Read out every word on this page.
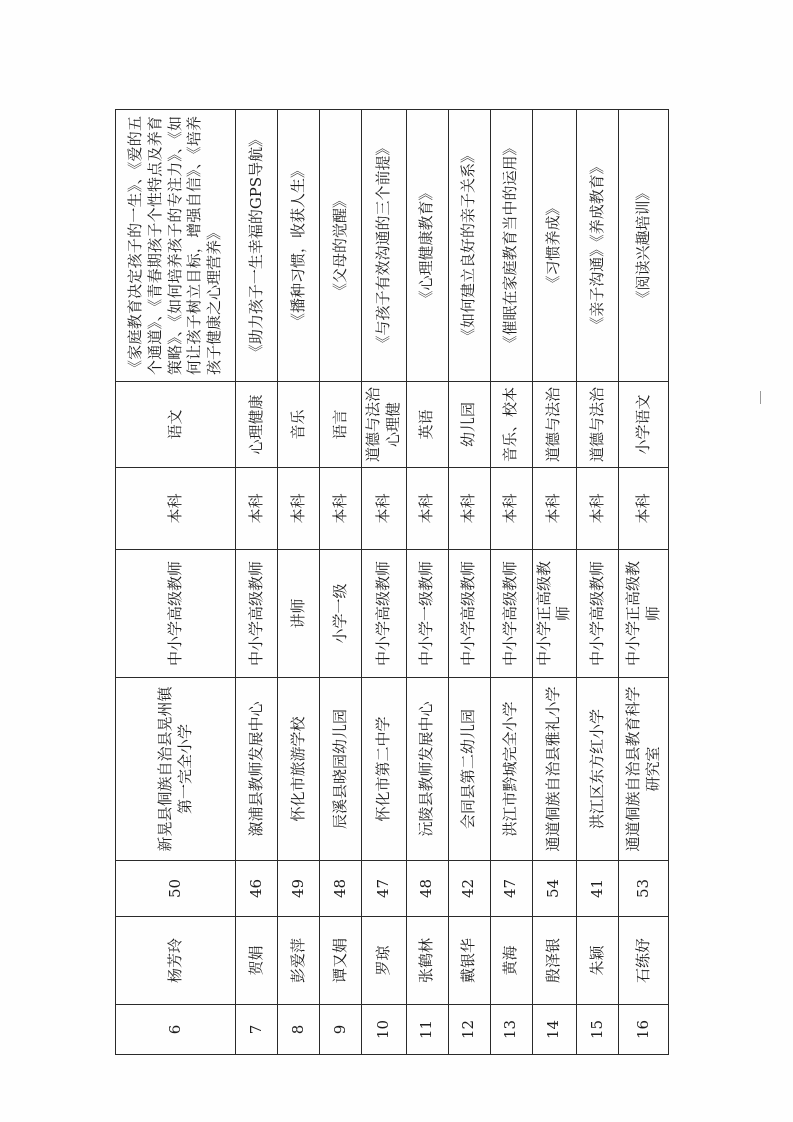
6	杨芳玲	50	新晃县侗族自治县晃州镇第一完全小学	中小学高级教师	本科	语文	《家庭教育决定孩子的一生》、《爱的五个通道》、《青春期孩子个性特点及养育策略》、《如何培养孩子的专注力》、《如何让孩子树立目标，增强自信》、《培养孩子健康之心理营养》
7	贺娟	46	溆浦县教师发展中心	中小学高级教师	本科	心理健康	《助力孩子一生幸福的GPS导航》
8	彭爱萍	49	怀化市旅游学校	讲师	本科	音乐	《播种习惯，收获人生》
9	谭又娟	48	辰溪县晓园幼儿园	小学一级	本科	语言	《父母的觉醒》
10	罗琼	47	怀化市第二中学	中小学高级教师	本科	道德与法治心理健	《与孩子有效沟通的三个前提》
11	张鹤林	48	沅陵县教师发展中心	中小学一级教师	本科	英语	《心理健康教育》
12	戴银华	42	会同县第二幼儿园	中小学高级教师	本科	幼儿园	《如何建立良好的亲子关系》
13	黄海	47	洪江市黔城完全小学	中小学高级教师	本科	音乐、校本	《催眠在家庭教育当中的运用》
14	殷泽银	54	通道侗族自治县雅礼小学	中小学正高级教师	本科	道德与法治	《习惯养成》
15	朱颖	41	洪江区东方红小学	中小学高级教师	本科	道德与法治	《亲子沟通》《养成教育》
16	石练妤	53	通道侗族自治县教育科学研究室	中小学正高级教师	本科	小学语文	《阅读兴趣培训》
